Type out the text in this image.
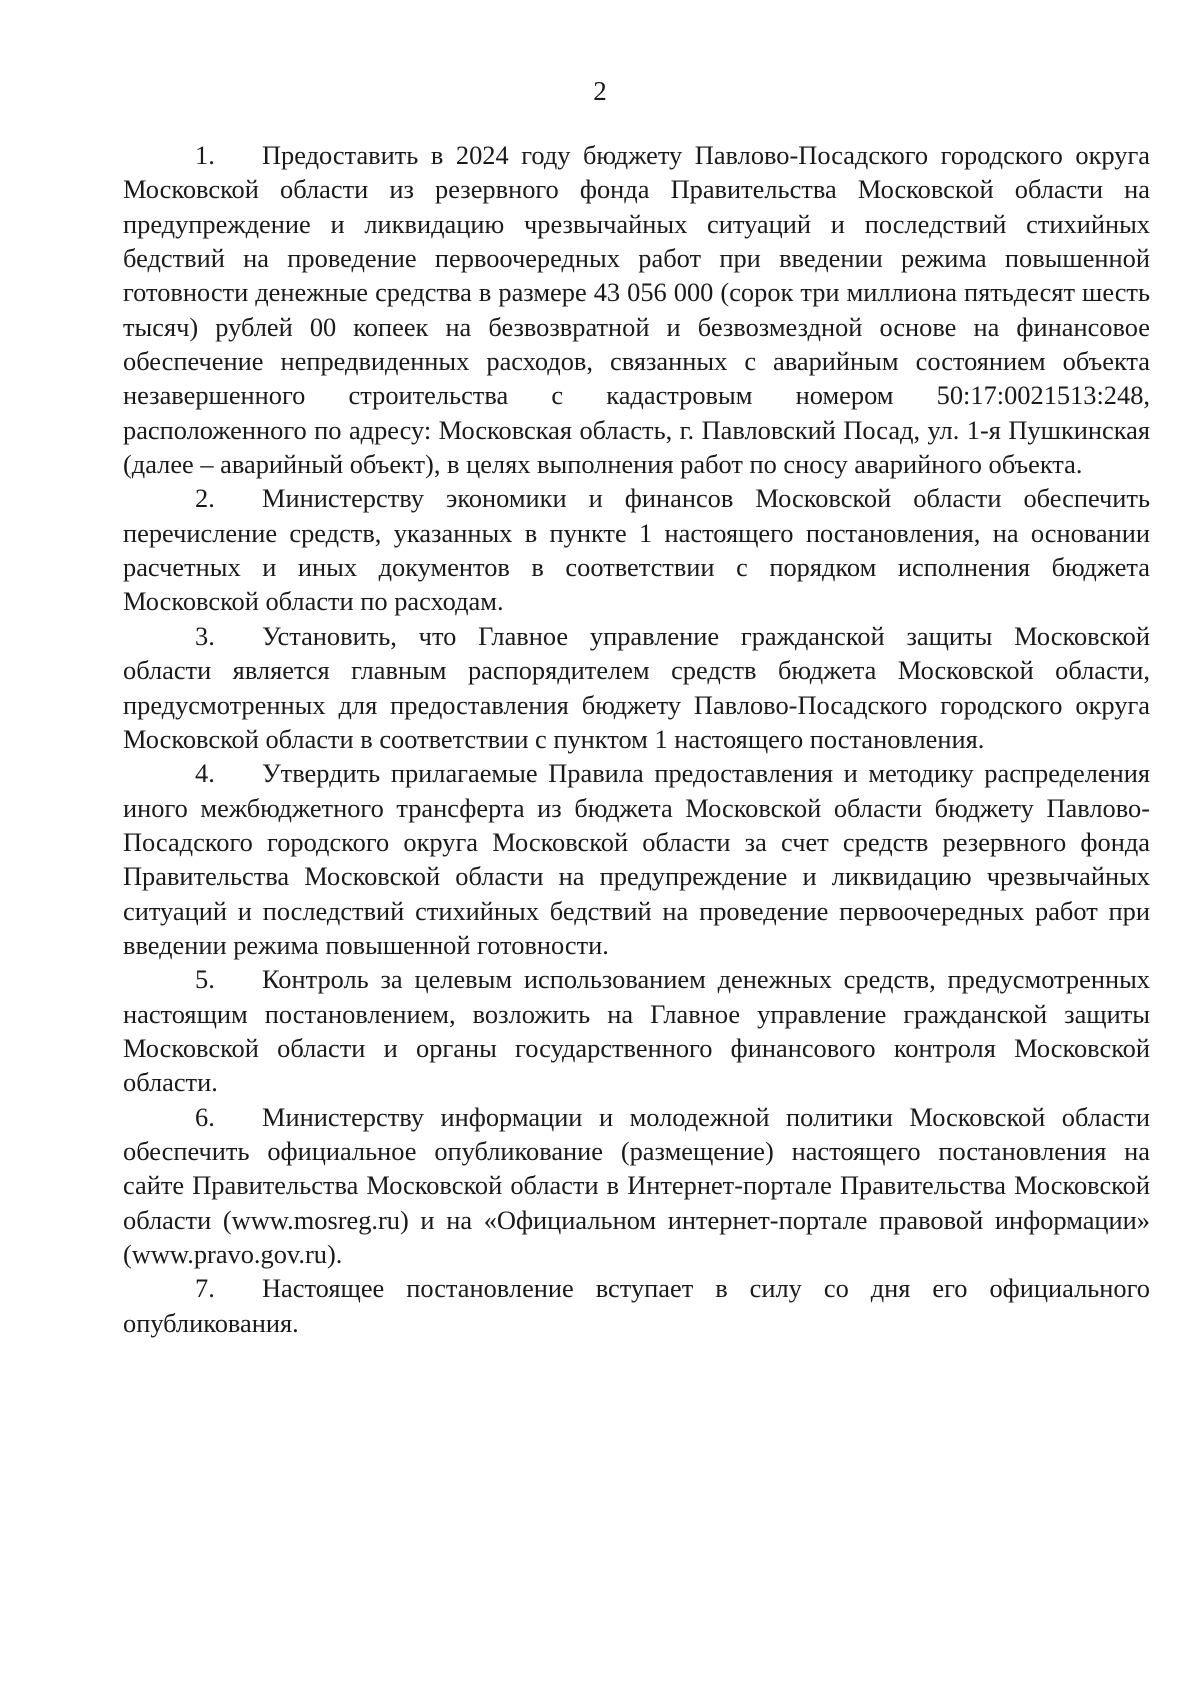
2

1. Предоставить в 2024 году бюджету Павлово-Посадского городского округа Московской области из резервного фонда Правительства Московской области на предупреждение и ликвидацию чрезвычайных ситуаций и последствий стихийных бедствий на проведение первоочередных работ при введении режима повышенной готовности денежные средства в размере 43 056 000 (сорок три миллиона пятьдесят шесть тысяч) рублей 00 копеек на безвозвратной и безвозмездной основе на финансовое обеспечение непредвиденных расходов, связанных с аварийным состоянием объекта незавершенного строительства с кадастровым номером 50:17:0021513:248, расположенного по адресу: Московская область, г. Павловский Посад, ул. 1-я Пушкинская (далее – аварийный объект), в целях выполнения работ по сносу аварийного объекта.

2. Министерству экономики и финансов Московской области обеспечить перечисление средств, указанных в пункте 1 настоящего постановления, на основании расчетных и иных документов в соответствии с порядком исполнения бюджета Московской области по расходам.

3. Установить, что Главное управление гражданской защиты Московской области является главным распорядителем средств бюджета Московской области, предусмотренных для предоставления бюджету Павлово-Посадского городского округа Московской области в соответствии с пунктом 1 настоящего постановления.

4. Утвердить прилагаемые Правила предоставления и методику распределения иного межбюджетного трансферта из бюджета Московской области бюджету Павлово-Посадского городского округа Московской области за счет средств резервного фонда Правительства Московской области на предупреждение и ликвидацию чрезвычайных ситуаций и последствий стихийных бедствий на проведение первоочередных работ при введении режима повышенной готовности.

5. Контроль за целевым использованием денежных средств, предусмотренных настоящим постановлением, возложить на Главное управление гражданской защиты Московской области и органы государственного финансового контроля Московской области.

6. Министерству информации и молодежной политики Московской области обеспечить официальное опубликование (размещение) настоящего постановления на сайте Правительства Московской области в Интернет-портале Правительства Московской области (www.mosreg.ru) и на «Официальном интернет-портале правовой информации» (www.pravo.gov.ru).

7. Настоящее постановление вступает в силу со дня его официального опубликования.
